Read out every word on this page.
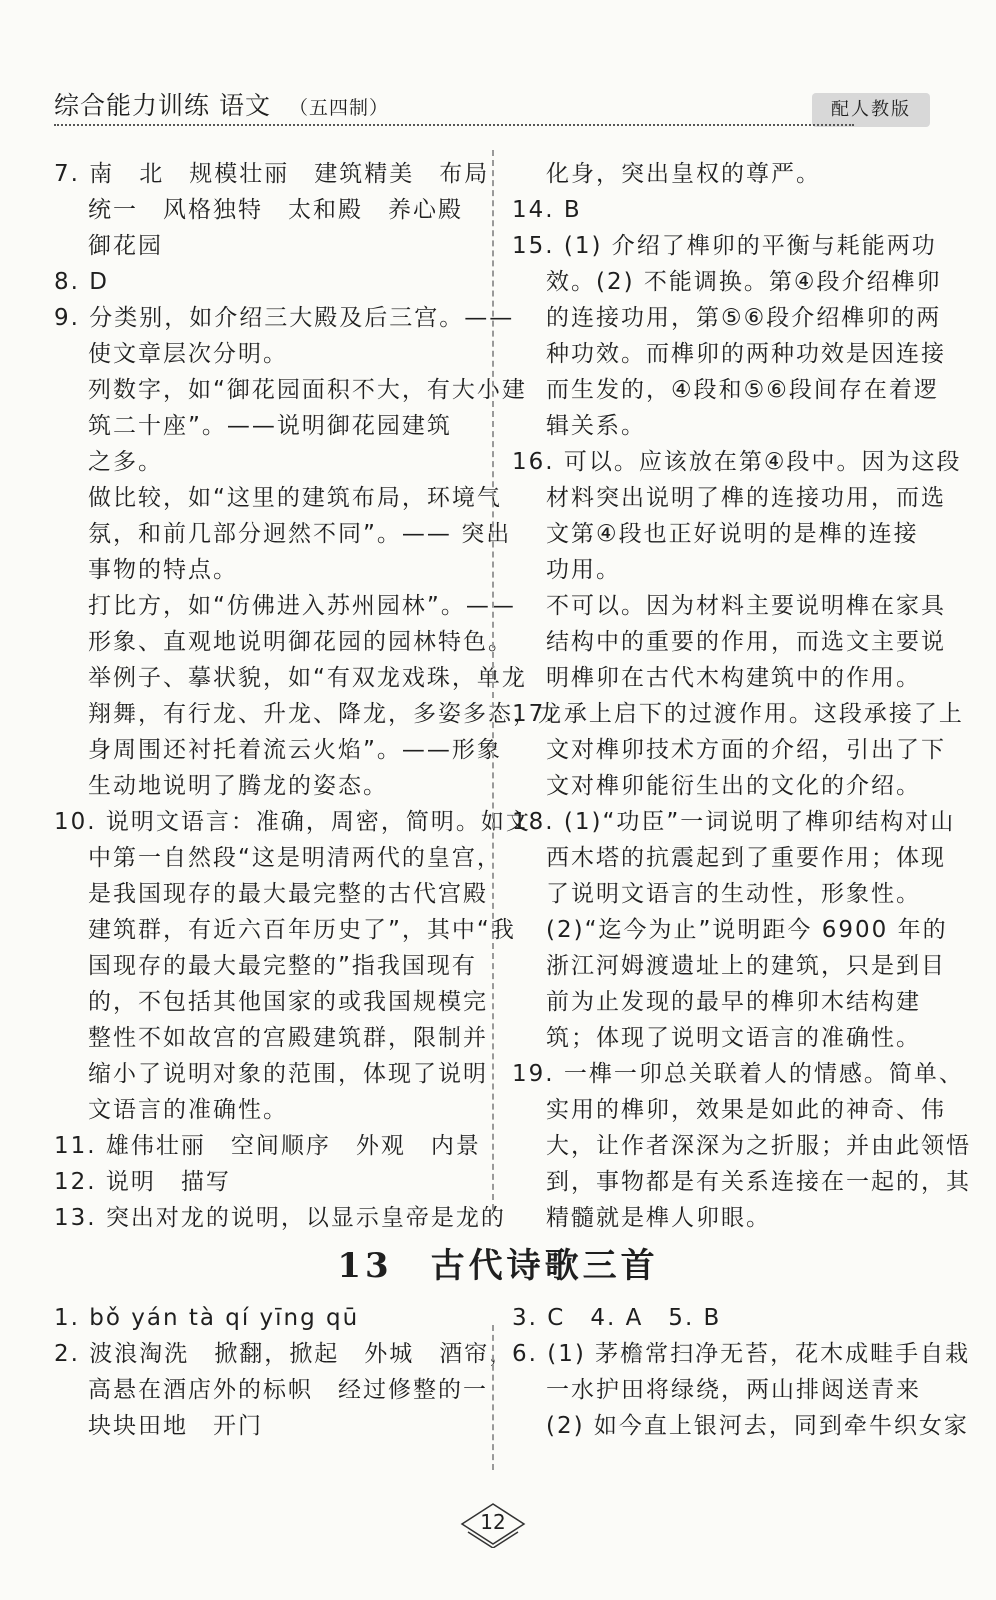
综合能力训练 语文 （五四制）	配人教版

7. 南　北　规模壮丽　建筑精美　布局

统一　风格独特　太和殿　养心殿

御花园

8. D

9. 分类别，如介绍三大殿及后三宫。——

使文章层次分明。

列数字，如“御花园面积不大，有大小建

筑二十座”。——说明御花园建筑

之多。

做比较，如“这里的建筑布局，环境气

氛，和前几部分迥然不同”。—— 突出

事物的特点。

打比方，如“仿佛进入苏州园林”。——

形象、直观地说明御花园的园林特色。

举例子、摹状貌，如“有双龙戏珠，单龙

翔舞，有行龙、升龙、降龙，多姿多态，龙

身周围还衬托着流云火焰”。——形象

生动地说明了腾龙的姿态。

10. 说明文语言：准确，周密，简明。如文

中第一自然段“这是明清两代的皇宫，

是我国现存的最大最完整的古代宫殿

建筑群，有近六百年历史了”，其中“我

国现存的最大最完整的”指我国现有

的，不包括其他国家的或我国规模完

整性不如故宫的宫殿建筑群，限制并

缩小了说明对象的范围，体现了说明

文语言的准确性。

11. 雄伟壮丽　空间顺序　外观　内景

12. 说明　描写

13. 突出对龙的说明，以显示皇帝是龙的

化身，突出皇权的尊严。

14. B

15. (1) 介绍了榫卯的平衡与耗能两功

效。(2) 不能调换。第④段介绍榫卯

的连接功用，第⑤⑥段介绍榫卯的两

种功效。而榫卯的两种功效是因连接

而生发的，④段和⑤⑥段间存在着逻

辑关系。

16. 可以。应该放在第④段中。因为这段

材料突出说明了榫的连接功用，而选

文第④段也正好说明的是榫的连接

功用。

不可以。因为材料主要说明榫在家具

结构中的重要的作用，而选文主要说

明榫卯在古代木构建筑中的作用。

17. 承上启下的过渡作用。这段承接了上

文对榫卯技术方面的介绍，引出了下

文对榫卯能衍生出的文化的介绍。

18. (1)“功臣”一词说明了榫卯结构对山

西木塔的抗震起到了重要作用；体现

了说明文语言的生动性，形象性。

(2)“迄今为止”说明距今 6900 年的

浙江河姆渡遗址上的建筑，只是到目

前为止发现的最早的榫卯木结构建

筑；体现了说明文语言的准确性。

19. 一榫一卯总关联着人的情感。简单、

实用的榫卯，效果是如此的神奇、伟

大，让作者深深为之折服；并由此领悟

到，事物都是有关系连接在一起的，其

精髓就是榫人卯眼。

13　古代诗歌三首

1. bǒ yán tà qí yīng qū

2. 波浪淘洗　掀翻，掀起　外城　酒帘，

高悬在酒店外的标帜　经过修整的一

块块田地　开门

3. C　4. A　5. B

6. (1) 茅檐常扫净无苔，花木成畦手自栽

一水护田将绿绕，两山排闼送青来

(2) 如今直上银河去，同到牵牛织女家

12
